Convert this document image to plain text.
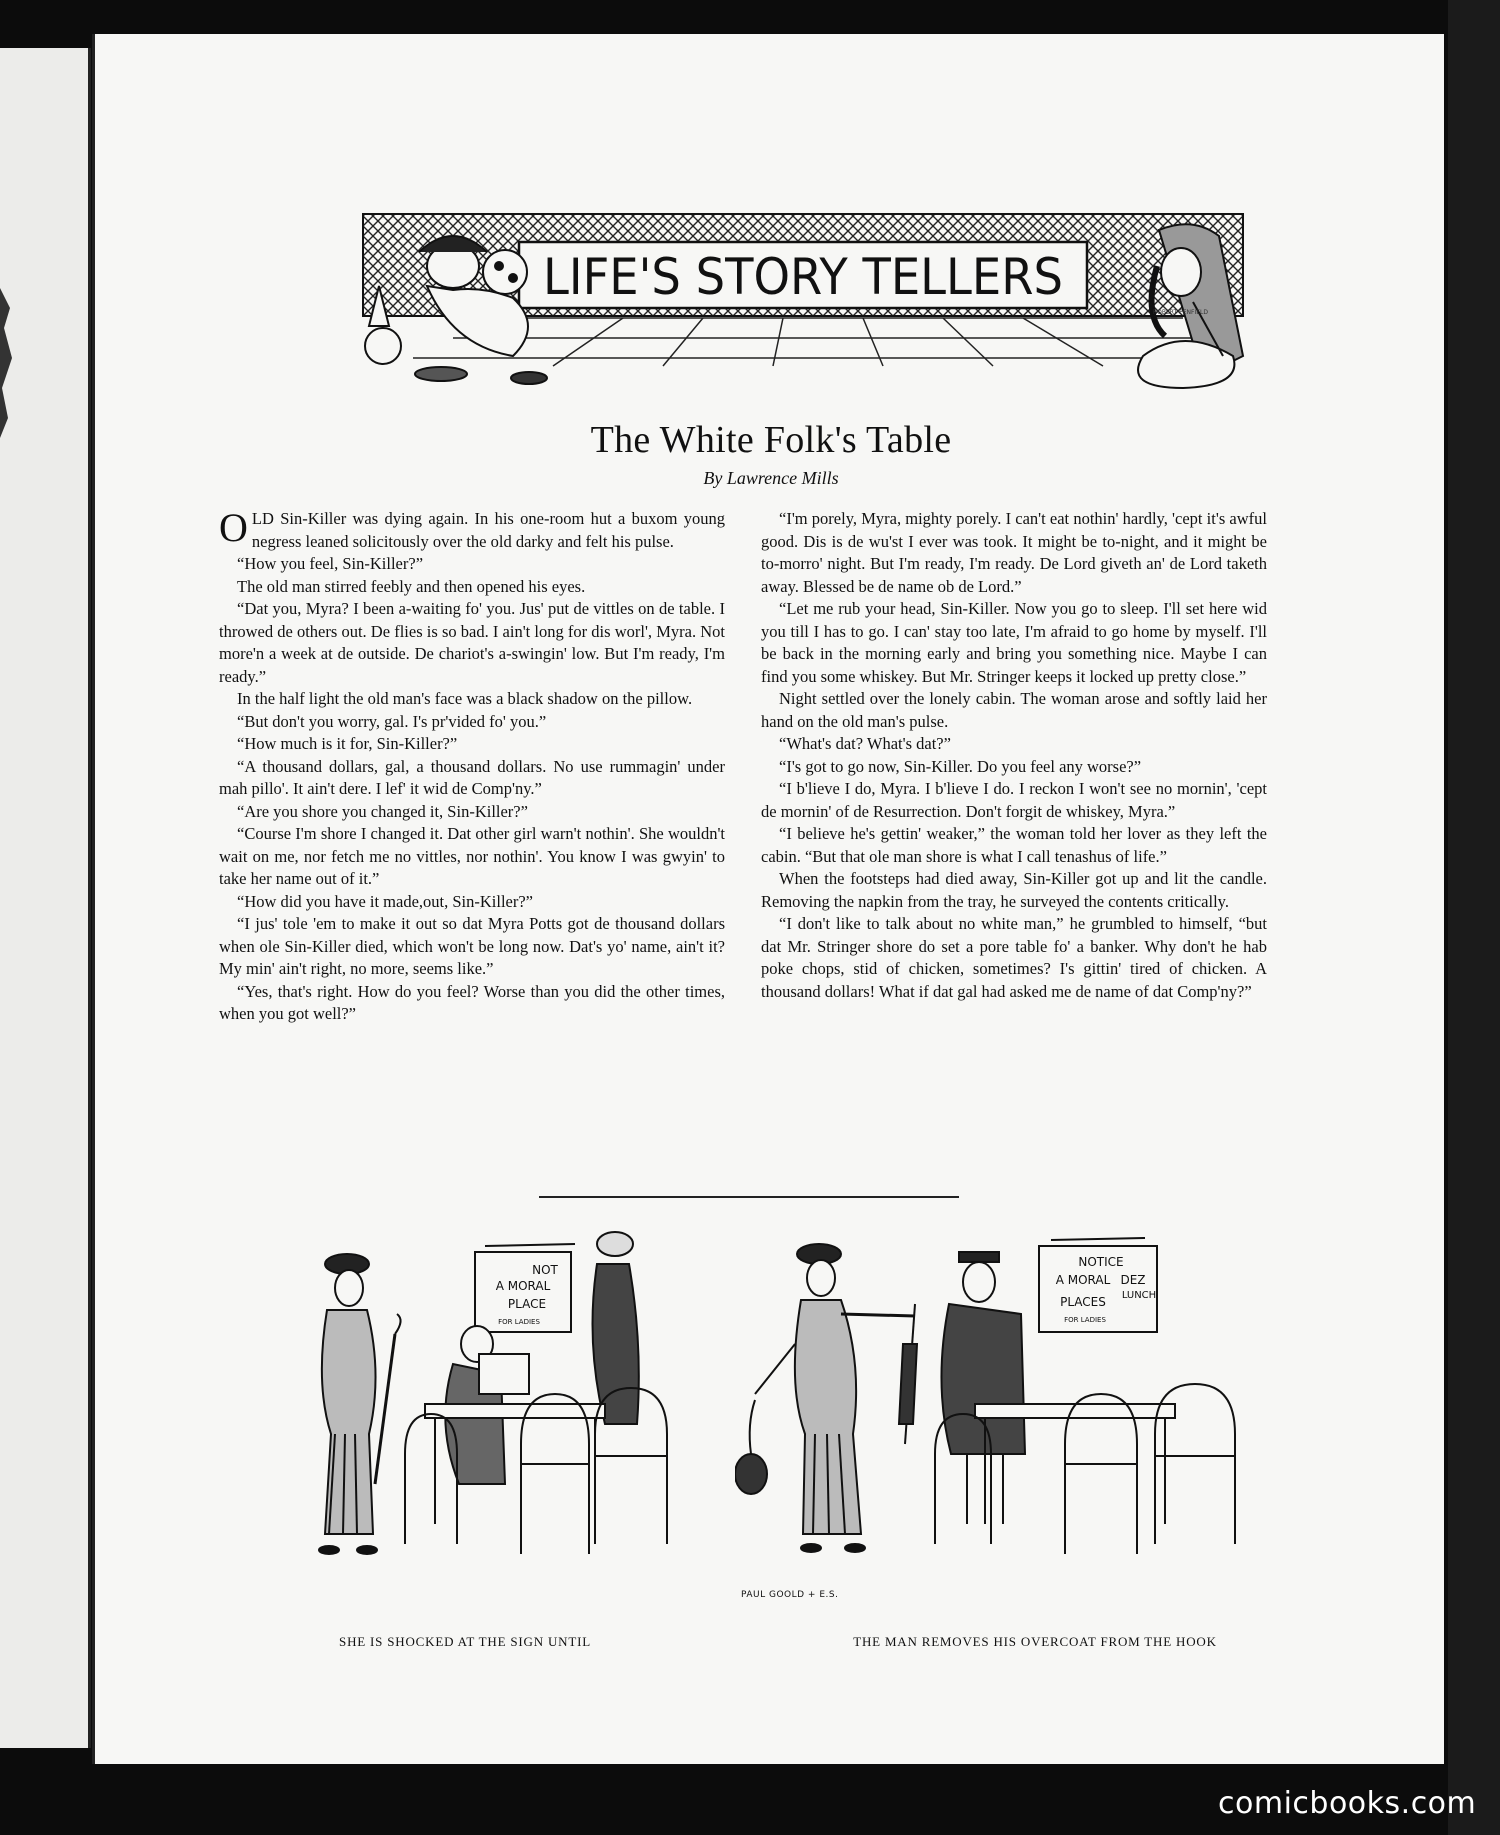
LIFE'S STORY TELLERS
ROBERT PENFIELD
The White Folk's Table

By Lawrence Mills

OLD Sin-Killer was dying again. In his one-room hut a buxom young negress leaned solicitously over the old darky and felt his pulse.

“How you feel, Sin-Killer?”

The old man stirred feebly and then opened his eyes.

“Dat you, Myra? I been a-waiting fo' you. Jus' put de vittles on de table. I throwed de others out. De flies is so bad. I ain't long for dis worl', Myra. Not more'n a week at de outside. De chariot's a-swingin' low. But I'm ready, I'm ready.”

In the half light the old man's face was a black shadow on the pillow.

“But don't you worry, gal. I's pr'vided fo' you.”

“How much is it for, Sin-Killer?”

“A thousand dollars, gal, a thousand dollars. No use rummagin' under mah pillo'. It ain't dere. I lef' it wid de Comp'ny.”

“Are you shore you changed it, Sin-Killer?”

“Course I'm shore I changed it. Dat other girl warn't nothin'. She wouldn't wait on me, nor fetch me no vittles, nor nothin'. You know I was gwyin' to take her name out of it.”

“How did you have it made,out, Sin-Killer?”

“I jus' tole 'em to make it out so dat Myra Potts got de thousand dollars when ole Sin-Killer died, which won't be long now. Dat's yo' name, ain't it? My min' ain't right, no more, seems like.”

“Yes, that's right. How do you feel? Worse than you did the other times, when you got well?”

“I'm porely, Myra, mighty porely. I can't eat nothin' hardly, 'cept it's awful good. Dis is de wu'st I ever was took. It might be to-night, and it might be to-morro' night. But I'm ready, I'm ready. De Lord giveth an' de Lord taketh away. Blessed be de name ob de Lord.”

“Let me rub your head, Sin-Killer. Now you go to sleep. I'll set here wid you till I has to go. I can' stay too late, I'm afraid to go home by myself. I'll be back in the morning early and bring you something nice. Maybe I can find you some whiskey. But Mr. Stringer keeps it locked up pretty close.”

Night settled over the lonely cabin. The woman arose and softly laid her hand on the old man's pulse.

“What's dat? What's dat?”

“I's got to go now, Sin-Killer. Do you feel any worse?”

“I b'lieve I do, Myra. I b'lieve I do. I reckon I won't see no mornin', 'cept de mornin' of de Resurrection. Don't forgit de whiskey, Myra.”

“I believe he's gettin' weaker,” the woman told her lover as they left the cabin. “But that ole man shore is what I call tenashus of life.”

When the footsteps had died away, Sin-Killer got up and lit the candle. Removing the napkin from the tray, he surveyed the contents critically.

“I don't like to talk about no white man,” he grumbled to himself, “but dat Mr. Stringer shore do set a pore table fo' a banker. Why don't he hab poke chops, stid of chicken, sometimes? I's gittin' tired of chicken. A thousand dollars! What if dat gal had asked me de name of dat Comp'ny?”

NOT
A MORAL
PLACE
FOR LADIES
NOTICE
A MORAL DEZ
LUNCH
PLACES
FOR LADIES
PAUL GOOLD + E.S.

SHE IS SHOCKED AT THE SIGN UNTIL	THE MAN REMOVES HIS OVERCOAT FROM THE HOOK

comicbooks.com
